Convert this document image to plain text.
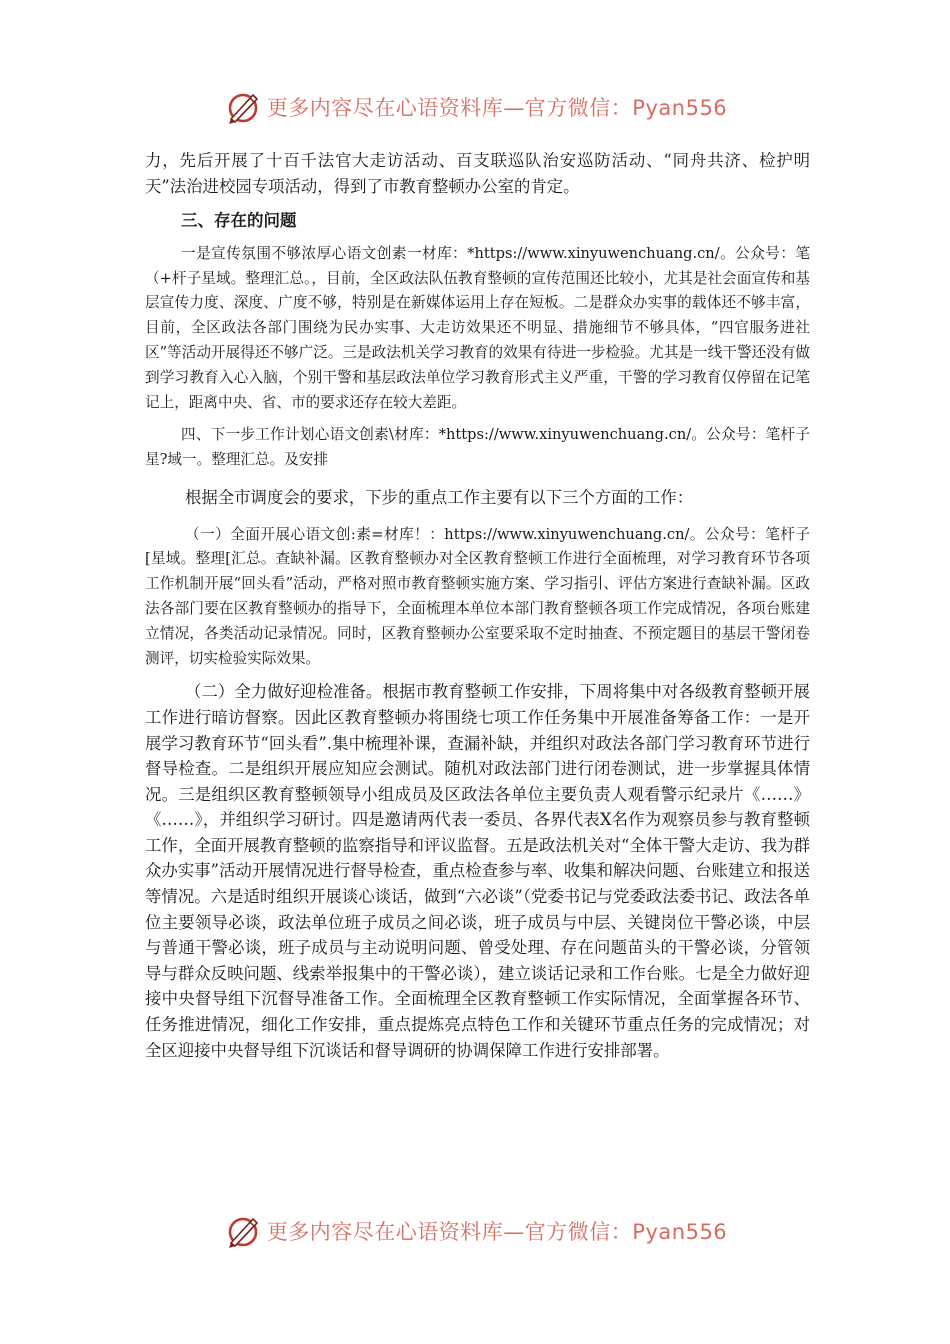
更多内容尽在心语资料库—官方微信：Pyan556

力，先后开展了十百千法官大走访活动、百支联巡队治安巡防活动、“同舟共济、检护明天”法治进校园专项活动，得到了市教育整顿办公室的肯定。

三、存在的问题

一是宣传氛围不够浓厚心语文创素一材库：*https://www.xinyuwenchuang.cn/。公众号：笔（+杆子星域。整理汇总。，目前，全区政法队伍教育整顿的宣传范围还比较小，尤其是社会面宣传和基层宣传力度、深度、广度不够，特别是在新媒体运用上存在短板。二是群众办实事的载体还不够丰富，目前，全区政法各部门围绕为民办实事、大走访效果还不明显、措施细节不够具体，“四官服务进社区”等活动开展得还不够广泛。三是政法机关学习教育的效果有待进一步检验。尤其是一线干警还没有做到学习教育入心入脑，个别干警和基层政法单位学习教育形式主义严重，干警的学习教育仅停留在记笔记上，距离中央、省、市的要求还存在较大差距。

四、下一步工作计划心语文创素\材库：*https://www.xinyuwenchuang.cn/。公众号：笔杆子星?域一。整理汇总。及安排

根据全市调度会的要求，下步的重点工作主要有以下三个方面的工作：

（一）全面开展心语文创:素=材库！：https://www.xinyuwenchuang.cn/。公众号：笔杆子[星域。整理[汇总。查缺补漏。区教育整顿办对全区教育整顿工作进行全面梳理，对学习教育环节各项工作机制开展“回头看”活动，严格对照市教育整顿实施方案、学习指引、评估方案进行查缺补漏。区政法各部门要在区教育整顿办的指导下，全面梳理本单位本部门教育整顿各项工作完成情况，各项台账建立情况，各类活动记录情况。同时，区教育整顿办公室要采取不定时抽查、不预定题目的基层干警闭卷测评，切实检验实际效果。

（二）全力做好迎检准备。根据市教育整顿工作安排，下周将集中对各级教育整顿开展工作进行暗访督察。因此区教育整顿办将围绕七项工作任务集中开展准备筹备工作：一是开展学习教育环节“回头看”.集中梳理补课，查漏补缺，并组织对政法各部门学习教育环节进行督导检查。二是组织开展应知应会测试。随机对政法部门进行闭卷测试，进一步掌握具体情况。三是组织区教育整顿领导小组成员及区政法各单位主要负责人观看警示纪录片《……》《……》，并组织学习研讨。四是邀请两代表一委员、各界代表X名作为观察员参与教育整顿工作，全面开展教育整顿的监察指导和评议监督。五是政法机关对“全体干警大走访、我为群众办实事”活动开展情况进行督导检查，重点检查参与率、收集和解决问题、台账建立和报送等情况。六是适时组织开展谈心谈话，做到“六必谈”（党委书记与党委政法委书记、政法各单位主要领导必谈，政法单位班子成员之间必谈，班子成员与中层、关键岗位干警必谈，中层与普通干警必谈，班子成员与主动说明问题、曾受处理、存在问题苗头的干警必谈，分管领导与群众反映问题、线索举报集中的干警必谈），建立谈话记录和工作台账。七是全力做好迎接中央督导组下沉督导准备工作。全面梳理全区教育整顿工作实际情况，全面掌握各环节、任务推进情况，细化工作安排，重点提炼亮点特色工作和关键环节重点任务的完成情况；对全区迎接中央督导组下沉谈话和督导调研的协调保障工作进行安排部署。

更多内容尽在心语资料库—官方微信：Pyan556
